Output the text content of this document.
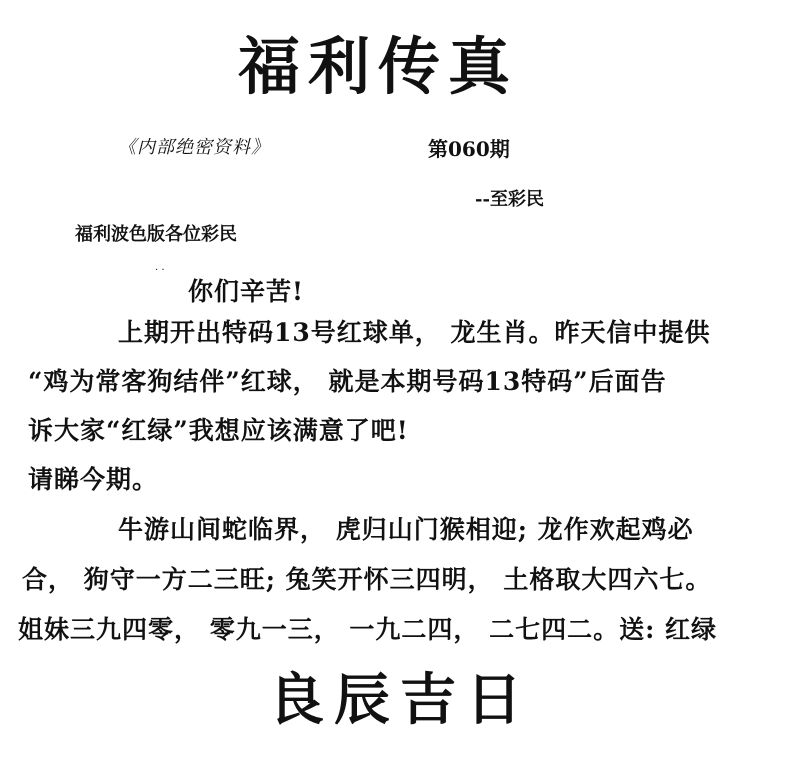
福利传真
《内部绝密资料》	第060期
--至彩民
福利波色版各位彩民
. .
你们辛苦!
上期开出特码13号红球单， 龙生肖。昨天信中提供
“鸡为常客狗结伴”红球， 就是本期号码13特码”后面告
诉大家“红绿”我想应该满意了吧!
请睇今期。
牛游山间蛇临界， 虎归山门猴相迎; 龙作欢起鸡必
合， 狗守一方二三旺; 兔笑开怀三四明， 土格取大四六七。
姐妹三九四零， 零九一三， 一九二四， 二七四二。送: 红绿
良辰吉日
